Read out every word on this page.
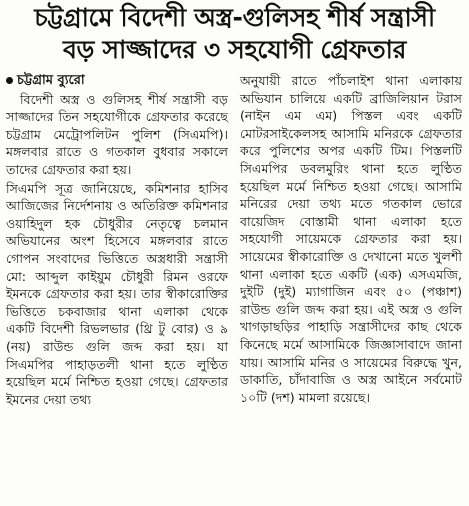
চট্টগ্রামে বিদেশী অস্ত্র-গুলিসহ শীর্ষ সন্ত্রাসী
বড় সাজ্জাদের ৩ সহযোগী গ্রেফতার
চট্টগ্রাম ব্যুরো

বিদেশী অস্ত্র ও গুলিসহ শীর্ষ সন্ত্রাসী বড় সাজ্জাদের তিন সহযোগীকে গ্রেফতার করেছে চট্টগ্রাম মেট্রোপলিটন পুলিশ (সিএমপি)। মঙ্গলবার রাতে ও গতকাল বুধবার সকালে তাদের গ্রেফতার করা হয়।

সিএমপি সূত্র জানিয়েছে, কমিশনার হাসিব আজিজের নির্দেশনায় ও অতিরিক্ত কমিশনার ওয়াহিদুল হক চৌধুরীর নেতৃত্বে চলমান অভিযানের অংশ হিসেবে মঙ্গলবার রাতে গোপন সংবাদের ভিত্তিতে অস্ত্রধারী সন্ত্রাসী মো: আব্দুল কাইয়ুম চৌধুরী রিমন ওরফে ইমনকে গ্রেফতার করা হয়। তার স্বীকারোক্তির ভিত্তিতে চকবাজার থানা এলাকা থেকে একটি বিদেশী রিভলভার (থ্রি টু বোর) ও ৯ (নয়) রাউন্ড গুলি জব্দ করা হয়। যা সিএমপির পাহাড়তলী থানা হতে লুণ্ঠিত হয়েছিল মর্মে নিশ্চিত হওয়া গেছে। গ্রেফতার ইমনের দেয়া তথ্য

অনুযায়ী রাতে পাঁচলাইশ থানা এলাকায় অভিযান চালিয়ে একটি ব্রাজিলিয়ান টরাস (নাইন এম এম) পিস্তল এবং একটি মোটরসাইকেলসহ আসামি মনিরকে গ্রেফতার করে পুলিশের অপর একটি টিম। পিস্তলটি সিএমপির ডবলমুরিং থানা হতে লুণ্ঠিত হয়েছিল মর্মে নিশ্চিত হওয়া গেছে। আসামি মনিরের দেয়া তথ্য মতে গতকাল ভোরে বায়েজিদ বোস্তামী থানা এলাকা হতে সহযোগী সায়েমকে গ্রেফতার করা হয়। সায়েমের স্বীকারোক্তি ও দেখানো মতে খুলশী থানা এলাকা হতে একটি (এক) এসএমজি, দুইটি (দুই) ম্যাগাজিন এবং ৫০ (পঞ্চাশ) রাউন্ড গুলি জব্দ করা হয়। এই অস্ত্র ও গুলি খাগড়াছড়ির পাহাড়ি সন্ত্রাসীদের কাছ থেকে কিনেছে মর্মে আসামিকে জিজ্ঞাসাবাদে জানা যায়। আসামি মনির ও সায়েমের বিরুদ্ধে খুন, ডাকাতি, চাঁদাবাজি ও অস্ত্র আইনে সর্বমোট ১০টি (দশ) মামলা রয়েছে।
